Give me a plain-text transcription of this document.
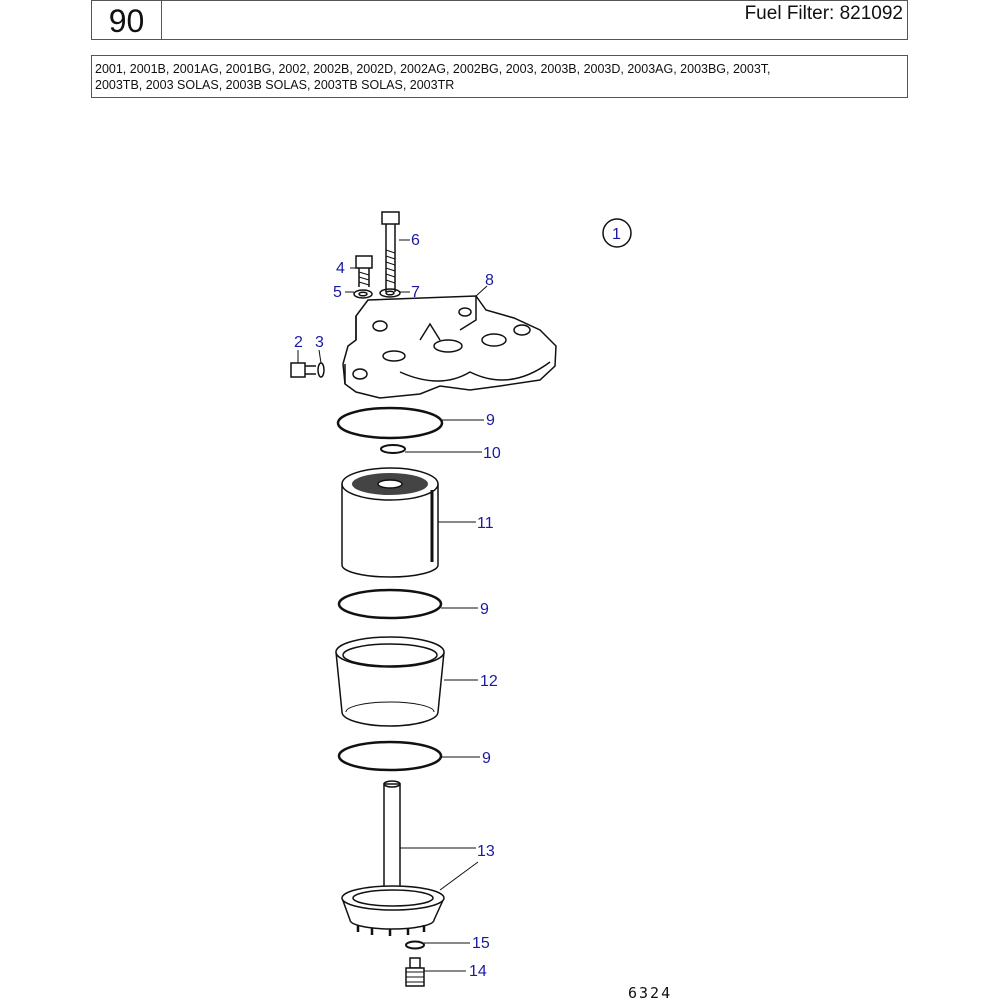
90	Fuel Filter: 821092
2001, 2001B, 2001AG, 2001BG, 2002, 2002B, 2002D, 2002AG, 2002BG, 2003, 2003B, 2003D, 2003AG, 2003BG, 2003T,
2003TB, 2003 SOLAS, 2003B SOLAS, 2003TB SOLAS, 2003TR
6
4
5	7
8
2 3
9
10
11
9
12
9
13
15
14
1
6324
